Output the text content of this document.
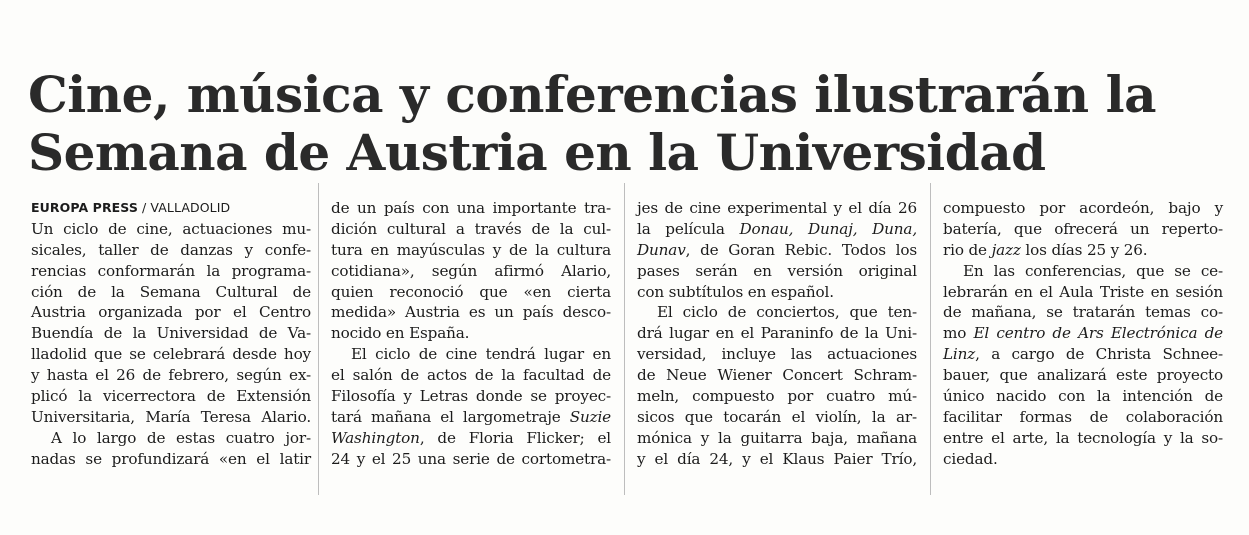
Cine, música y conferencias ilustrarán la
Semana de Austria en la Universidad
EUROPA PRESS / VALLADOLID
Un ciclo de cine, actuaciones mu-
sicales, taller de danzas y confe-
rencias conformarán la programa-
ción de la Semana Cultural de
Austria organizada por el Centro
Buendía de la Universidad de Va-
lladolid que se celebrará desde hoy
y hasta el 26 de febrero, según ex-
plicó la vicerrectora de Extensión
Universitaria, María Teresa Alario.
A lo largo de estas cuatro jor-
nadas se profundizará «en el latir
de un país con una importante tra-
dición cultural a través de la cul-
tura en mayúsculas y de la cultura
cotidiana», según afirmó Alario,
quien reconoció que «en cierta
medida» Austria es un país desco-
nocido en España.
El ciclo de cine tendrá lugar en
el salón de actos de la facultad de
Filosofía y Letras donde se proyec-
tará mañana el largometraje Suzie
Washington, de Floria Flicker; el
24 y el 25 una serie de cortometra-
jes de cine experimental y el día 26
la película Donau, Dunaj, Duna,
Dunav, de Goran Rebic. Todos los
pases serán en versión original
con subtítulos en español.
El ciclo de conciertos, que ten-
drá lugar en el Paraninfo de la Uni-
versidad, incluye las actuaciones
de Neue Wiener Concert Schram-
meln, compuesto por cuatro mú-
sicos que tocarán el violín, la ar-
mónica y la guitarra baja, mañana
y el día 24, y el Klaus Paier Trío,
compuesto por acordeón, bajo y
batería, que ofrecerá un reperto-
rio de jazz los días 25 y 26.
En las conferencias, que se ce-
lebrarán en el Aula Triste en sesión
de mañana, se tratarán temas co-
mo El centro de Ars Electrónica de
Linz, a cargo de Christa Schnee-
bauer, que analizará este proyecto
único nacido con la intención de
facilitar formas de colaboración
entre el arte, la tecnología y la so-
ciedad.
